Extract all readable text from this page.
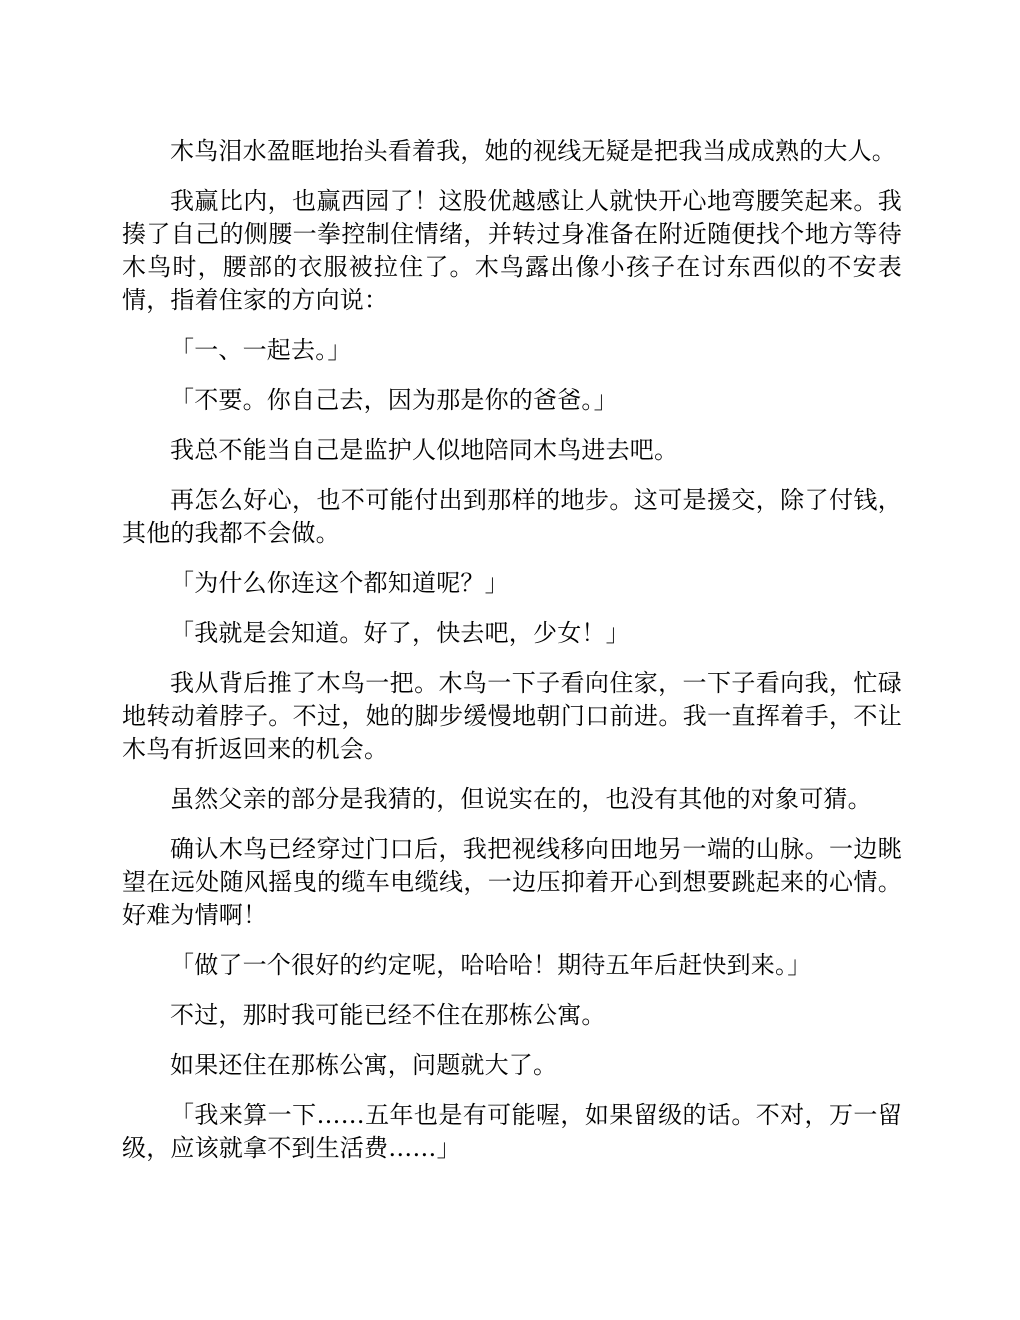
木鸟泪水盈眶地抬头看着我，她的视线无疑是把我当成成熟的大人。

我赢比内，也赢西园了！这股优越感让人就快开心地弯腰笑起来。我揍了自己的侧腰一拳控制住情绪，并转过身准备在附近随便找个地方等待木鸟时，腰部的衣服被拉住了。木鸟露出像小孩子在讨东西似的不安表情，指着住家的方向说：

「一、一起去。」

「不要。你自己去，因为那是你的爸爸。」

我总不能当自己是监护人似地陪同木鸟进去吧。

再怎么好心，也不可能付出到那样的地步。这可是援交，除了付钱，其他的我都不会做。

「为什么你连这个都知道呢？」

「我就是会知道。好了，快去吧，少女！」

我从背后推了木鸟一把。木鸟一下子看向住家，一下子看向我，忙碌地转动着脖子。不过，她的脚步缓慢地朝门口前进。我一直挥着手，不让木鸟有折返回来的机会。

虽然父亲的部分是我猜的，但说实在的，也没有其他的对象可猜。

确认木鸟已经穿过门口后，我把视线移向田地另一端的山脉。一边眺望在远处随风摇曳的缆车电缆线，一边压抑着开心到想要跳起来的心情。好难为情啊！

「做了一个很好的约定呢，哈哈哈！期待五年后赶快到来。」

不过，那时我可能已经不住在那栋公寓。

如果还住在那栋公寓，问题就大了。

「我来算一下……五年也是有可能喔，如果留级的话。不对，万一留级，应该就拿不到生活费……」
